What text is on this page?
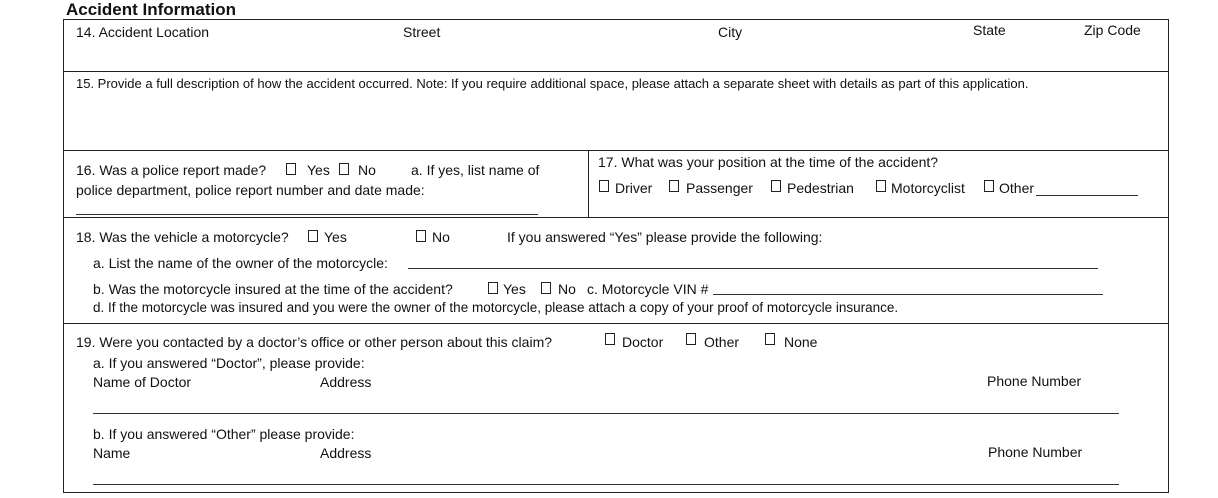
Accident Information
14. Accident Location	Street	City	State	Zip Code
15. Provide a full description of how the accident occurred. Note: If you require additional space, please attach a separate sheet with details as part of this application.
16. Was a police report made?	Yes No	a. If yes, list name of
police department, police report number and date made:
17. What was your position at the time of the accident?
Driver Passenger Pedestrian	Motorcyclist Other
18. Was the vehicle a motorcycle?	Yes	No	If you answered “Yes” please provide the following:
a. List the name of the owner of the motorcycle:
b. Was the motorcycle insured at the time of the accident?	Yes No c. Motorcycle VIN #
d. If the motorcycle was insured and you were the owner of the motorcycle, please attach a copy of your proof of motorcycle insurance.
19. Were you contacted by a doctor’s office or other person about this claim?	Doctor	Other	None
a. If you answered “Doctor”, please provide:
Name of Doctor	Address	Phone Number
b. If you answered “Other” please provide:
Name	Address	Phone Number
